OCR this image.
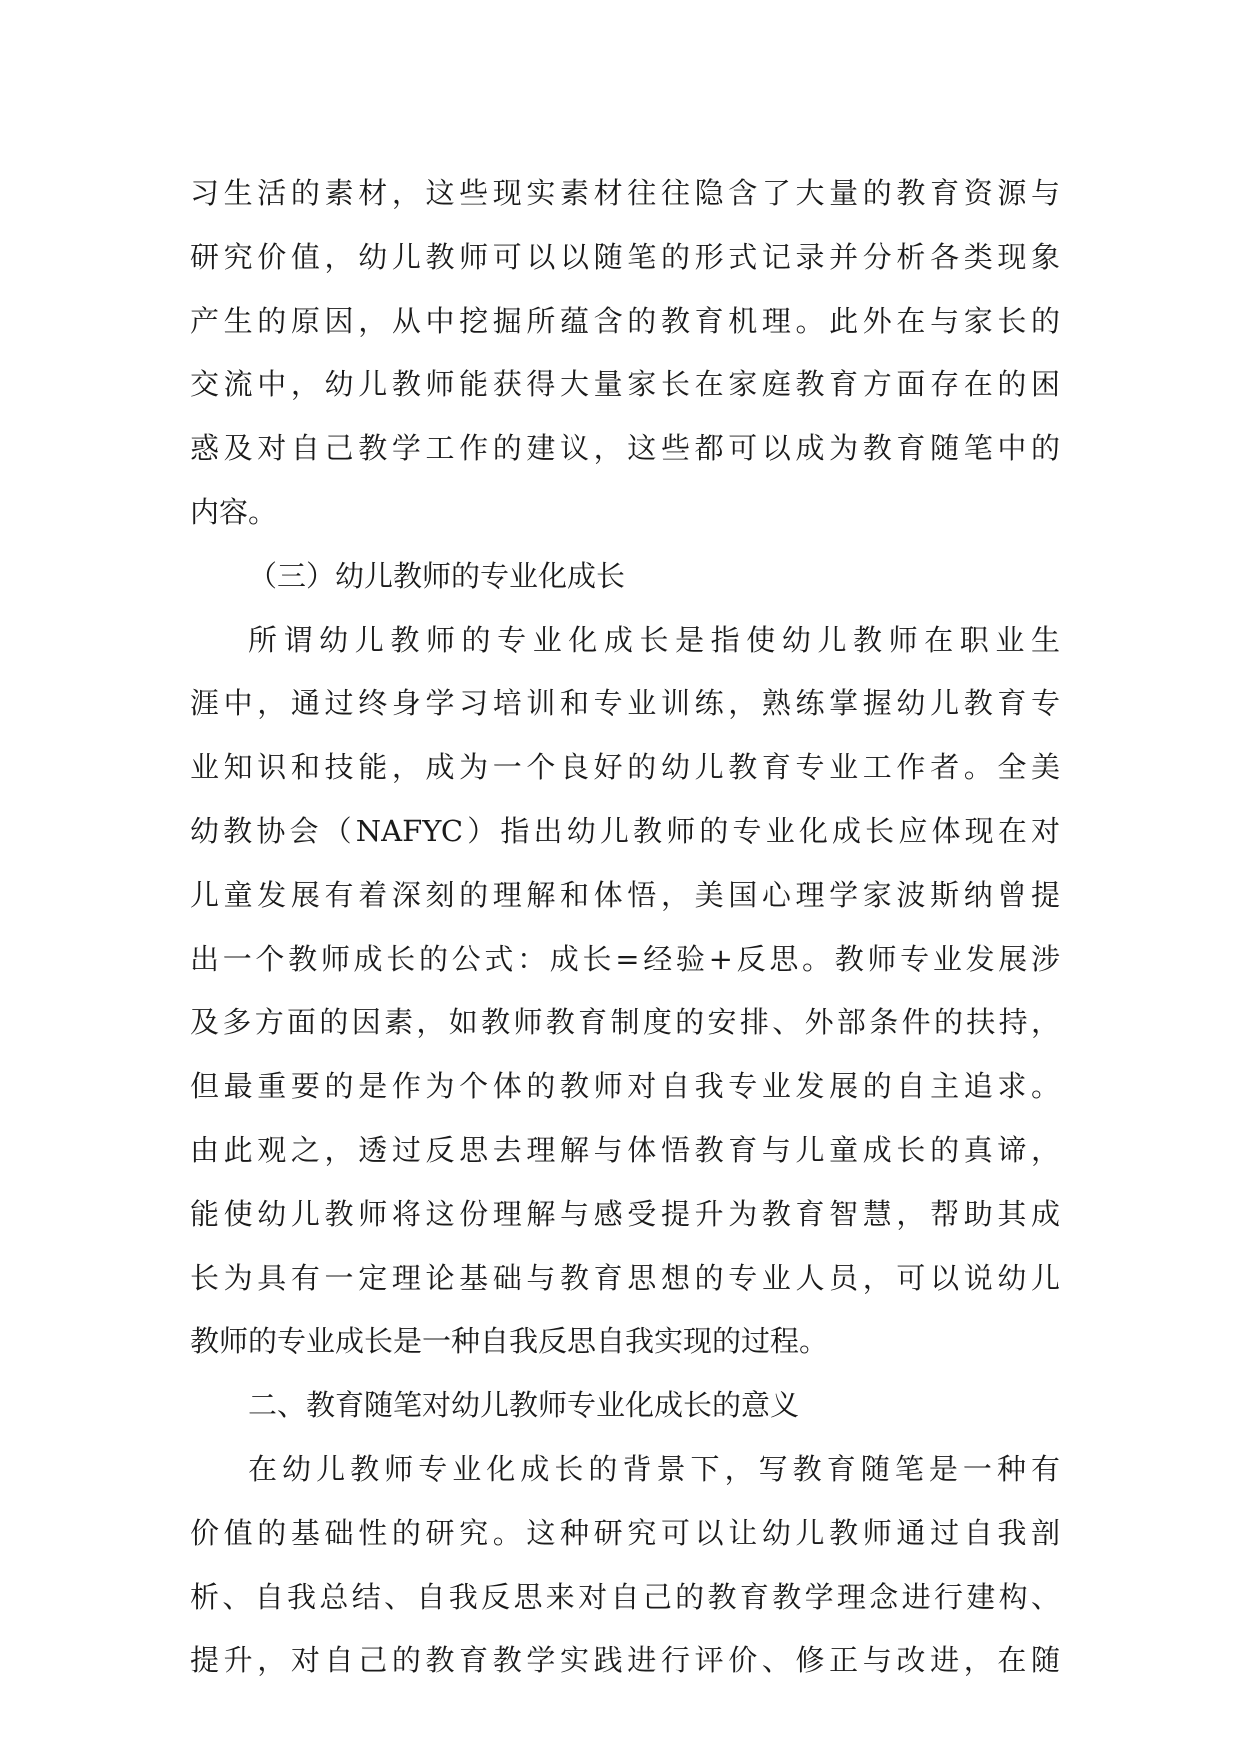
习生活的素材，这些现实素材往往隐含了大量的教育资源与
研究价值，幼儿教师可以以随笔的形式记录并分析各类现象
产生的原因，从中挖掘所蕴含的教育机理。此外在与家长的
交流中，幼儿教师能获得大量家长在家庭教育方面存在的困
惑及对自己教学工作的建议，这些都可以成为教育随笔中的
内容。
（三）幼儿教师的专业化成长
所谓幼儿教师的专业化成长是指使幼儿教师在职业生
涯中，通过终身学习培训和专业训练，熟练掌握幼儿教育专
业知识和技能，成为一个良好的幼儿教育专业工作者。全美
幼教协会（NAFYC）指出幼儿教师的专业化成长应体现在对
儿童发展有着深刻的理解和体悟，美国心理学家波斯纳曾提
出一个教师成长的公式：成长=经验+反思。教师专业发展涉
及多方面的因素，如教师教育制度的安排、外部条件的扶持，
但最重要的是作为个体的教师对自我专业发展的自主追求。
由此观之，透过反思去理解与体悟教育与儿童成长的真谛，
能使幼儿教师将这份理解与感受提升为教育智慧，帮助其成
长为具有一定理论基础与教育思想的专业人员，可以说幼儿
教师的专业成长是一种自我反思自我实现的过程。
二、教育随笔对幼儿教师专业化成长的意义
在幼儿教师专业化成长的背景下，写教育随笔是一种有
价值的基础性的研究。这种研究可以让幼儿教师通过自我剖
析、自我总结、自我反思来对自己的教育教学理念进行建构、
提升，对自己的教育教学实践进行评价、修正与改进，在随
